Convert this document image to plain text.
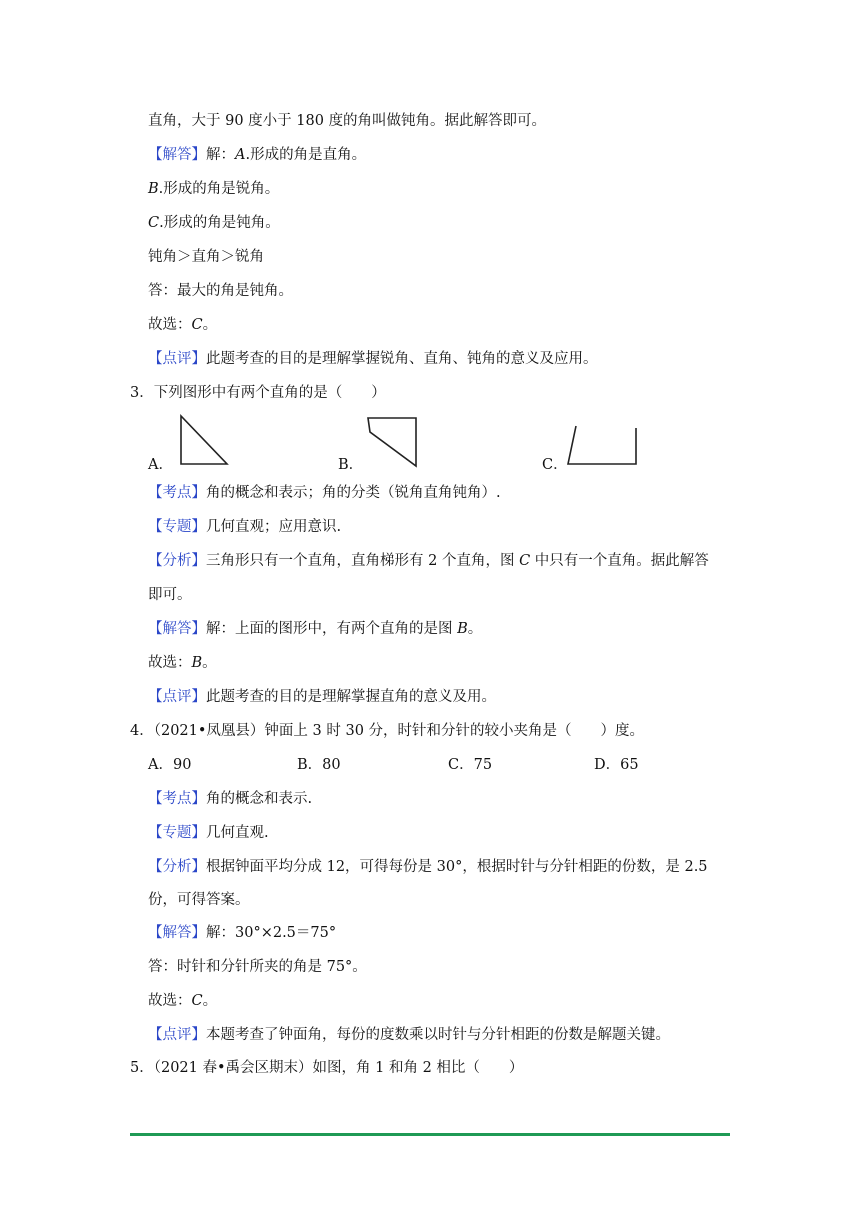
直角，大于 90 度小于 180 度的角叫做钝角。据此解答即可。
【解答】解：A.形成的角是直角。
B.形成的角是锐角。
C.形成的角是钝角。
钝角＞直角＞锐角
答：最大的角是钝角。
故选：C。
【点评】此题考查的目的是理解掌握锐角、直角、钝角的意义及应用。
3．下列图形中有两个直角的是（　　）
A．	B．	C．
【考点】角的概念和表示；角的分类（锐角直角钝角）.
【专题】几何直观；应用意识.
【分析】三角形只有一个直角，直角梯形有 2 个直角，图 C 中只有一个直角。据此解答
即可。
【解答】解：上面的图形中，有两个直角的是图 B。
故选：B。
【点评】此题考查的目的是理解掌握直角的意义及用。
4．（2021•凤凰县）钟面上 3 时 30 分，时针和分针的较小夹角是（　　）度。
A．90	B．80	C．75	D．65
【考点】角的概念和表示.
【专题】几何直观.
【分析】根据钟面平均分成 12，可得每份是 30°，根据时针与分针相距的份数，是 2.5
份，可得答案。
【解答】解：30°×2.5＝75°
答：时针和分针所夹的角是 75°。
故选：C。
【点评】本题考查了钟面角，每份的度数乘以时针与分针相距的份数是解题关键。
5．（2021 春•禹会区期末）如图，角 1 和角 2 相比（　　）
